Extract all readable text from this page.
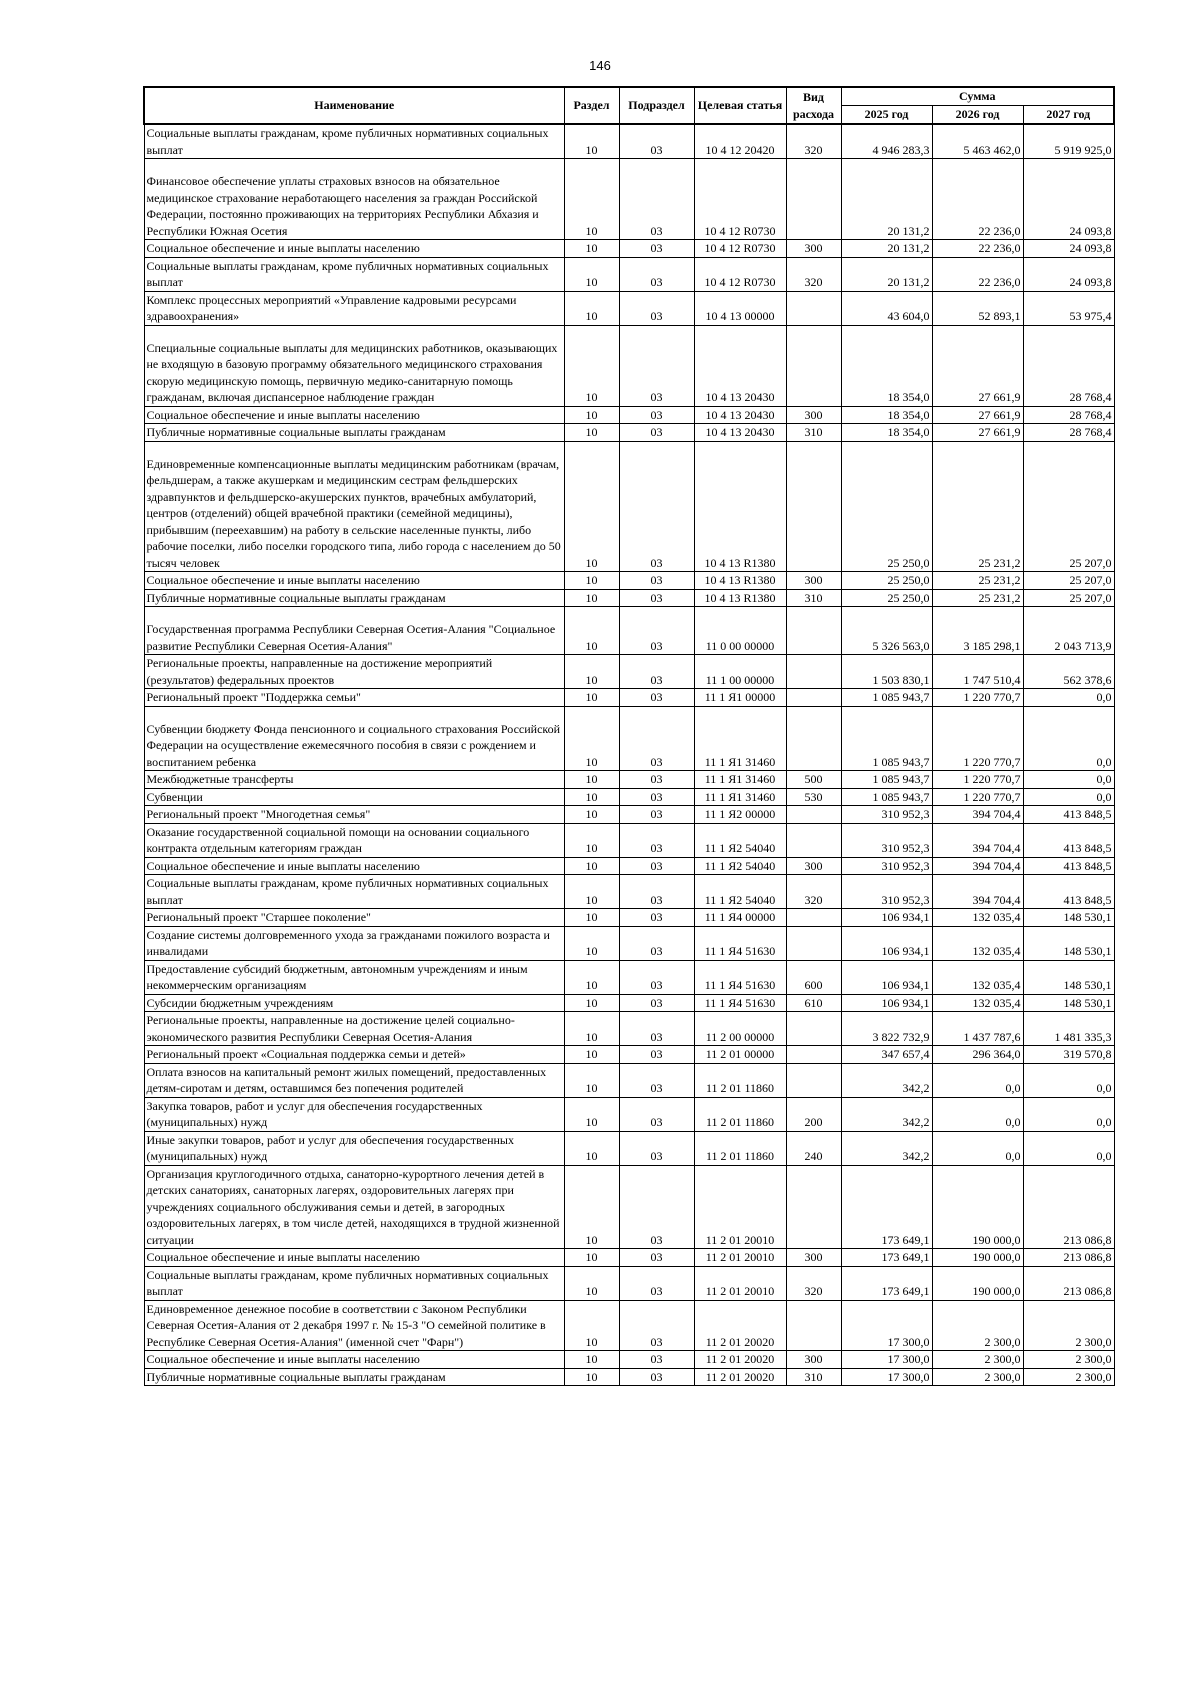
146
Наименование	Раздел	Подраздел	Целевая статья	Вид расхода	Сумма		
					2025 год	2026 год	2027 год
Социальные выплаты гражданам, кроме публичных нормативных социальных выплат	10	03	10 4 12 20420	320	4 946 283,3	5 463 462,0	5 919 925,0
Финансовое обеспечение уплаты страховых взносов на обязательное медицинское страхование неработающего населения за граждан Российской Федерации, постоянно проживающих на территориях Республики Абхазия и Республики Южная Осетия	10	03	10 4 12 R0730		20 131,2	22 236,0	24 093,8
Социальное обеспечение и иные выплаты населению	10	03	10 4 12 R0730	300	20 131,2	22 236,0	24 093,8
Социальные выплаты гражданам, кроме публичных нормативных социальных выплат	10	03	10 4 12 R0730	320	20 131,2	22 236,0	24 093,8
Комплекс процессных мероприятий «Управление кадровыми ресурсами здравоохранения»	10	03	10 4 13 00000		43 604,0	52 893,1	53 975,4
Специальные социальные выплаты для медицинских работников, оказывающих не входящую в базовую программу обязательного медицинского страхования скорую медицинскую помощь, первичную медико-санитарную помощь гражданам, включая диспансерное наблюдение граждан	10	03	10 4 13 20430		18 354,0	27 661,9	28 768,4
Социальное обеспечение и иные выплаты населению	10	03	10 4 13 20430	300	18 354,0	27 661,9	28 768,4
Публичные нормативные социальные выплаты гражданам	10	03	10 4 13 20430	310	18 354,0	27 661,9	28 768,4
Единовременные компенсационные выплаты медицинским работникам (врачам, фельдшерам, а также акушеркам и медицинским сестрам фельдшерских здравпунктов и фельдшерско-акушерских пунктов, врачебных амбулаторий, центров (отделений) общей врачебной практики (семейной медицины), прибывшим (переехавшим) на работу в сельские населенные пункты, либо рабочие поселки, либо поселки городского типа, либо города с населением до 50 тысяч человек	10	03	10 4 13 R1380		25 250,0	25 231,2	25 207,0
Социальное обеспечение и иные выплаты населению	10	03	10 4 13 R1380	300	25 250,0	25 231,2	25 207,0
Публичные нормативные социальные выплаты гражданам	10	03	10 4 13 R1380	310	25 250,0	25 231,2	25 207,0
Государственная программа Республики Северная Осетия-Алания "Социальное развитие Республики Северная Осетия-Алания"	10	03	11 0 00 00000		5 326 563,0	3 185 298,1	2 043 713,9
Региональные проекты, направленные на достижение мероприятий (результатов) федеральных проектов	10	03	11 1 00 00000		1 503 830,1	1 747 510,4	562 378,6
Региональный проект "Поддержка семьи"	10	03	11 1 Я1 00000		1 085 943,7	1 220 770,7	0,0
Субвенции бюджету Фонда пенсионного и социального страхования Российской Федерации на осуществление ежемесячного пособия в связи с рождением и воспитанием ребенка	10	03	11 1 Я1 31460		1 085 943,7	1 220 770,7	0,0
Межбюджетные трансферты	10	03	11 1 Я1 31460	500	1 085 943,7	1 220 770,7	0,0
Субвенции	10	03	11 1 Я1 31460	530	1 085 943,7	1 220 770,7	0,0
Региональный проект "Многодетная семья"	10	03	11 1 Я2 00000		310 952,3	394 704,4	413 848,5
Оказание государственной социальной помощи на основании социального контракта отдельным категориям граждан	10	03	11 1 Я2 54040		310 952,3	394 704,4	413 848,5
Социальное обеспечение и иные выплаты населению	10	03	11 1 Я2 54040	300	310 952,3	394 704,4	413 848,5
Социальные выплаты гражданам, кроме публичных нормативных социальных выплат	10	03	11 1 Я2 54040	320	310 952,3	394 704,4	413 848,5
Региональный проект "Старшее поколение"	10	03	11 1 Я4 00000		106 934,1	132 035,4	148 530,1
Создание системы долговременного ухода за гражданами пожилого возраста и инвалидами	10	03	11 1 Я4 51630		106 934,1	132 035,4	148 530,1
Предоставление субсидий бюджетным, автономным учреждениям и иным некоммерческим организациям	10	03	11 1 Я4 51630	600	106 934,1	132 035,4	148 530,1
Субсидии бюджетным учреждениям	10	03	11 1 Я4 51630	610	106 934,1	132 035,4	148 530,1
Региональные проекты, направленные на достижение целей социально-экономического развития Республики Северная Осетия-Алания	10	03	11 2 00 00000		3 822 732,9	1 437 787,6	1 481 335,3
Региональный проект «Социальная поддержка семьи и детей»	10	03	11 2 01 00000		347 657,4	296 364,0	319 570,8
Оплата взносов на капитальный ремонт жилых помещений, предоставленных детям-сиротам и детям, оставшимся без попечения родителей	10	03	11 2 01 11860		342,2	0,0	0,0
Закупка товаров, работ и услуг для обеспечения государственных (муниципальных) нужд	10	03	11 2 01 11860	200	342,2	0,0	0,0
Иные закупки товаров, работ и услуг для обеспечения государственных (муниципальных) нужд	10	03	11 2 01 11860	240	342,2	0,0	0,0
Организация круглогодичного отдыха, санаторно-курортного лечения детей в детских санаториях, санаторных лагерях, оздоровительных лагерях при учреждениях социального обслуживания семьи и детей, в загородных оздоровительных лагерях, в том числе детей, находящихся в трудной жизненной ситуации	10	03	11 2 01 20010		173 649,1	190 000,0	213 086,8
Социальное обеспечение и иные выплаты населению	10	03	11 2 01 20010	300	173 649,1	190 000,0	213 086,8
Социальные выплаты гражданам, кроме публичных нормативных социальных выплат	10	03	11 2 01 20010	320	173 649,1	190 000,0	213 086,8
Единовременное денежное пособие в соответствии с Законом Республики Северная Осетия-Алания от 2 декабря 1997 г. № 15-З "О семейной политике в Республике Северная Осетия-Алания" (именной счет "Фарн")	10	03	11 2 01 20020		17 300,0	2 300,0	2 300,0
Социальное обеспечение и иные выплаты населению	10	03	11 2 01 20020	300	17 300,0	2 300,0	2 300,0
Публичные нормативные социальные выплаты гражданам	10	03	11 2 01 20020	310	17 300,0	2 300,0	2 300,0
